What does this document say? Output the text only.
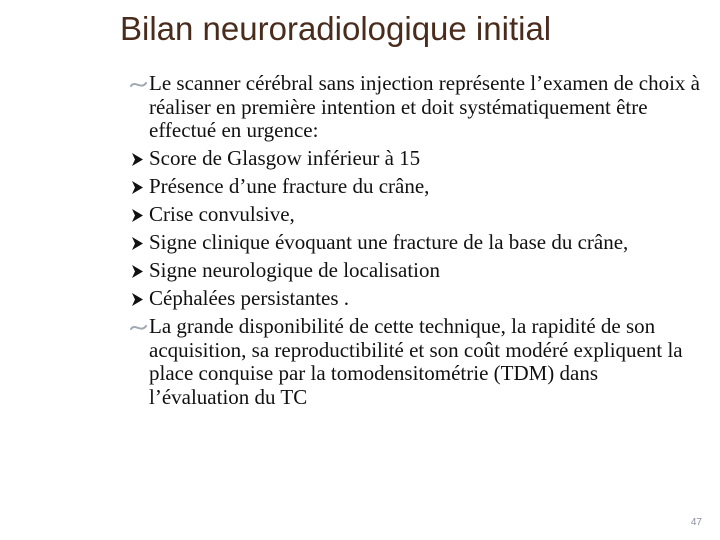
Bilan neuroradiologique initial
Le scanner cérébral sans injection représente l’examen de choix à réaliser en première intention et doit systématiquement être effectué en urgence:
Score de Glasgow inférieur à 15
Présence d’une fracture du crâne,
Crise convulsive,
Signe clinique évoquant une fracture de la base du crâne,
Signe neurologique de localisation
Céphalées persistantes .
La grande disponibilité de cette technique, la rapidité de son acquisition, sa reproductibilité et son coût modéré expliquent la place conquise par la tomodensitométrie (TDM) dans l’évaluation du TC
47
